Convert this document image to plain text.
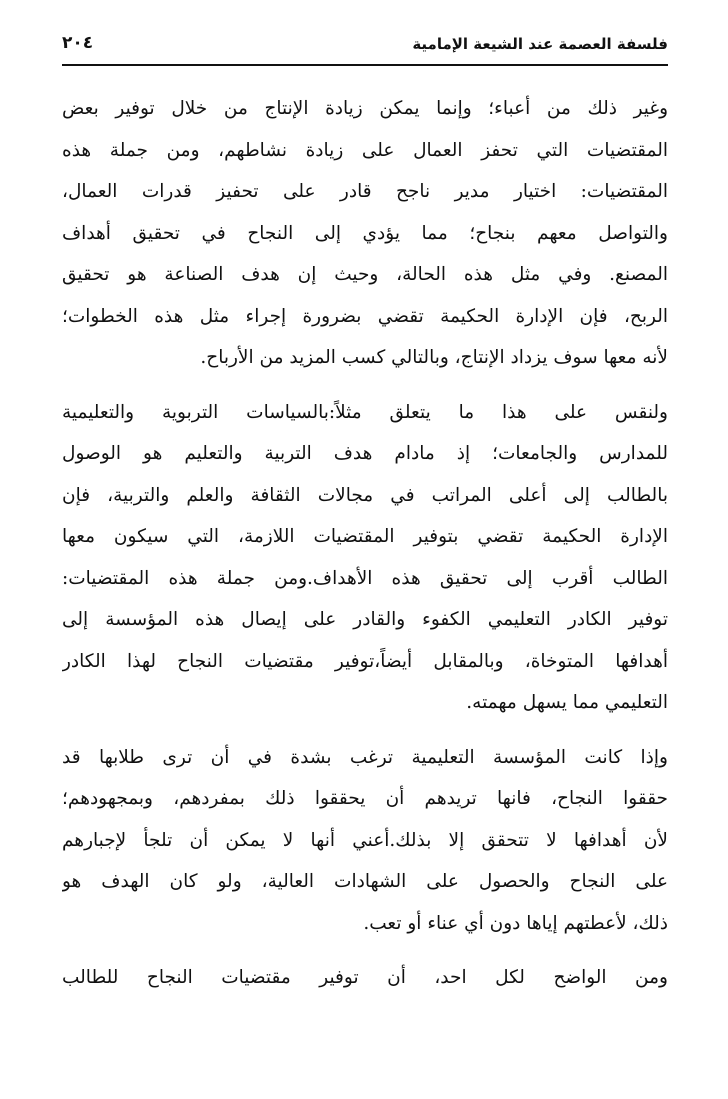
فلسفة العصمة عند الشيعة الإمامية
٢٠٤
وغير ذلك من أعباء؛ وإنما يمكن زيادة الإنتاج من خلال توفير بعض
المقتضيات التي تحفز العمال على زيادة نشاطهم، ومن جملة هذه
المقتضيات: اختيار مدير ناجح قادر على تحفيز قدرات العمال،
والتواصل معهم بنجاح؛ مما يؤدي إلى النجاح في تحقيق أهداف
المصنع. وفي مثل هذه الحالة، وحيث إن هدف الصناعة هو تحقيق
الربح، فإن الإدارة الحكيمة تقضي بضرورة إجراء مثل هذه الخطوات؛
لأنه معها سوف يزداد الإنتاج، وبالتالي كسب المزيد من الأرباح.
ولنقس على هذا ما يتعلق مثلاً:بالسياسات التربوية والتعليمية
للمدارس والجامعات؛ إذ مادام هدف التربية والتعليم هو الوصول
بالطالب إلى أعلى المراتب في مجالات الثقافة والعلم والتربية، فإن
الإدارة الحكيمة تقضي بتوفير المقتضيات اللازمة، التي سيكون معها
الطالب أقرب إلى تحقيق هذه الأهداف.ومن جملة هذه المقتضيات:
توفير الكادر التعليمي الكفوء والقادر على إيصال هذه المؤسسة إلى
أهدافها المتوخاة، وبالمقابل أيضاً،توفير مقتضيات النجاح لهذا الكادر
التعليمي مما يسهل مهمته.
وإذا كانت المؤسسة التعليمية ترغب بشدة في أن ترى طلابها قد
حققوا النجاح، فانها تريدهم أن يحققوا ذلك بمفردهم، وبمجهودهم؛
لأن أهدافها لا تتحقق إلا بذلك.أعني أنها لا يمكن أن تلجأ لإجبارهم
على النجاح والحصول على الشهادات العالية، ولو كان الهدف هو
ذلك، لأعطتهم إياها دون أي عناء أو تعب.
ومن الواضح لكل احد، أن توفير مقتضيات النجاح للطالب
